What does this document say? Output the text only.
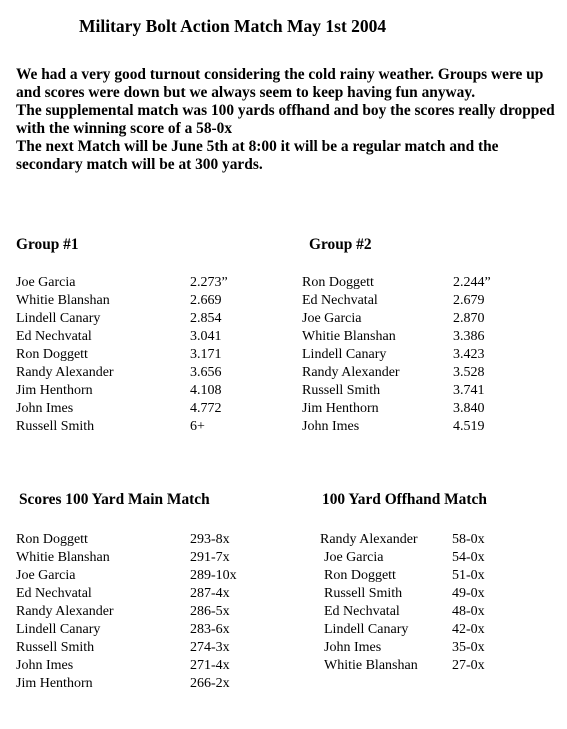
Military Bolt Action Match May 1st 2004

We had a very good turnout considering the cold rainy weather. Groups were up and scores were down but we always seem to keep having fun anyway.

The supplemental match was 100 yards offhand and boy the scores really dropped with the winning score of a 58-0x

The next Match will be June 5th at 8:00 it will be a regular match and the secondary match will be at 300 yards.

Group #1
Joe Garcia	2.273”
Whitie Blanshan	2.669
Lindell Canary	2.854
Ed Nechvatal	3.041
Ron Doggett	3.171
Randy Alexander	3.656
Jim Henthorn	4.108
John Imes	4.772
Russell Smith	6+
Group #2
Ron Doggett	2.244”
Ed Nechvatal	2.679
Joe Garcia	2.870
Whitie Blanshan	3.386
Lindell Canary	3.423
Randy Alexander	3.528
Russell Smith	3.741
Jim Henthorn	3.840
John Imes	4.519
Scores 100 Yard Main Match
Ron Doggett	293-8x
Whitie Blanshan	291-7x
Joe Garcia	289-10x
Ed Nechvatal	287-4x
Randy Alexander	286-5x
Lindell Canary	283-6x
Russell Smith	274-3x
John Imes	271-4x
Jim Henthorn	266-2x
100 Yard Offhand Match
Randy Alexander	58-0x
Joe Garcia	54-0x
Ron Doggett	51-0x
Russell Smith	49-0x
Ed Nechvatal	48-0x
Lindell Canary	42-0x
John Imes	35-0x
Whitie Blanshan	27-0x
